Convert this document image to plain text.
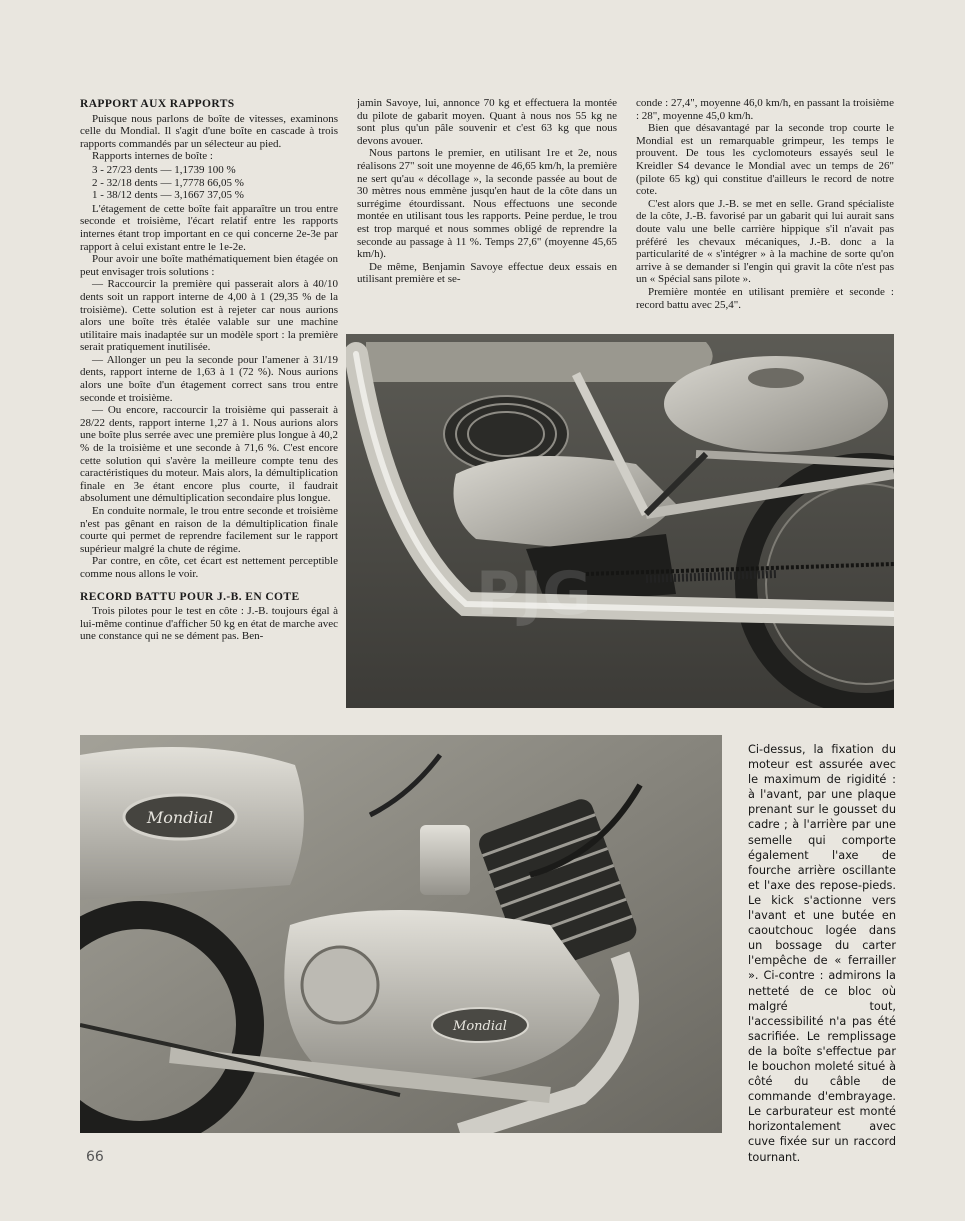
RAPPORT AUX RAPPORTS

Puisque nous parlons de boîte de vitesses, examinons celle du Mondial. Il s'agit d'une boîte en cascade à trois rapports commandés par un sélecteur au pied.

Rapports internes de boîte :

3 - 27/23 dents — 1,1739 100 %
2 - 32/18 dents — 1,7778 66,05 %
1 - 38/12 dents — 3,1667 37,05 %

L'étagement de cette boîte fait apparaître un trou entre seconde et troisième, l'écart relatif entre les rapports internes étant trop important en ce qui concerne 2e-3e par rapport à celui existant entre le 1e-2e.

Pour avoir une boîte mathématiquement bien étagée on peut envisager trois solutions :

— Raccourcir la première qui passerait alors à 40/10 dents soit un rapport interne de 4,00 à 1 (29,35 % de la troisième). Cette solution est à rejeter car nous aurions alors une boîte très étalée valable sur une machine utilitaire mais inadaptée sur un modèle sport : la première serait pratiquement inutilisée.

— Allonger un peu la seconde pour l'amener à 31/19 dents, rapport interne de 1,63 à 1 (72 %). Nous aurions alors une boîte d'un étagement correct sans trou entre seconde et troisième.

— Ou encore, raccourcir la troisième qui passerait à 28/22 dents, rapport interne 1,27 à 1. Nous aurions alors une boîte plus serrée avec une première plus longue à 40,2 % de la troisième et une seconde à 71,6 %. C'est encore cette solution qui s'avère la meilleure compte tenu des caractéristiques du moteur. Mais alors, la démultiplication finale en 3e étant encore plus courte, il faudrait absolument une démultiplication secondaire plus longue.

En conduite normale, le trou entre seconde et troisième n'est pas gênant en raison de la démultiplication finale courte qui permet de reprendre facilement sur le rapport supérieur malgré la chute de régime.

Par contre, en côte, cet écart est nettement perceptible comme nous allons le voir.

RECORD BATTU POUR J.-B. EN COTE

Trois pilotes pour le test en côte : J.-B. toujours égal à lui-même continue d'afficher 50 kg en état de marche avec une constance qui ne se dément pas. Ben-

jamin Savoye, lui, annonce 70 kg et effectuera la montée du pilote de gabarit moyen. Quant à nous nos 55 kg ne sont plus qu'un pâle souvenir et c'est 63 kg que nous devons avouer.

Nous partons le premier, en utilisant 1re et 2e, nous réalisons 27" soit une moyenne de 46,65 km/h, la première ne sert qu'au « décollage », la seconde passée au bout de 30 mètres nous emmène jusqu'en haut de la côte dans un surrégime étourdissant. Nous effectuons une seconde montée en utilisant tous les rapports. Peine perdue, le trou est trop marqué et nous sommes obligé de reprendre la seconde au passage à 11 %. Temps 27,6" (moyenne 45,65 km/h).

De même, Benjamin Savoye effectue deux essais en utilisant première et se-

conde : 27,4", moyenne 46,0 km/h, en passant la troisième : 28", moyenne 45,0 km/h.

Bien que désavantagé par la seconde trop courte le Mondial est un remarquable grimpeur, les temps le prouvent. De tous les cyclomoteurs essayés seul le Kreidler S4 devance le Mondial avec un temps de 26" (pilote 65 kg) qui constitue d'ailleurs le record de notre cote.

C'est alors que J.-B. se met en selle. Grand spécialiste de la côte, J.-B. favorisé par un gabarit qui lui aurait sans doute valu une belle carrière hippique s'il n'avait pas préféré les chevaux mécaniques, J.-B. donc a la particularité de « s'intégrer » à la machine de sorte qu'on arrive à se demander si l'engin qui gravit la côte n'est pas un « Spécial sans pilote ».

Première montée en utilisant première et seconde : record battu avec 25,4".

PJG
Mondial
Mondial
Ci-dessus, la fixation du moteur est assurée avec le maximum de rigidité : à l'avant, par une plaque prenant sur le gousset du cadre ; à l'arrière par une semelle qui comporte également l'axe de fourche arrière oscillante et l'axe des repose-pieds. Le kick s'actionne vers l'avant et une butée en caoutchouc logée dans un bossage du carter l'empêche de « ferrailler ». Ci-contre : admirons la netteté de ce bloc où malgré tout, l'accessibilité n'a pas été sacrifiée. Le remplissage de la boîte s'effectue par le bouchon moleté situé à côté du câble de commande d'embrayage. Le carburateur est monté horizontalement avec cuve fixée sur un raccord tournant.
66
